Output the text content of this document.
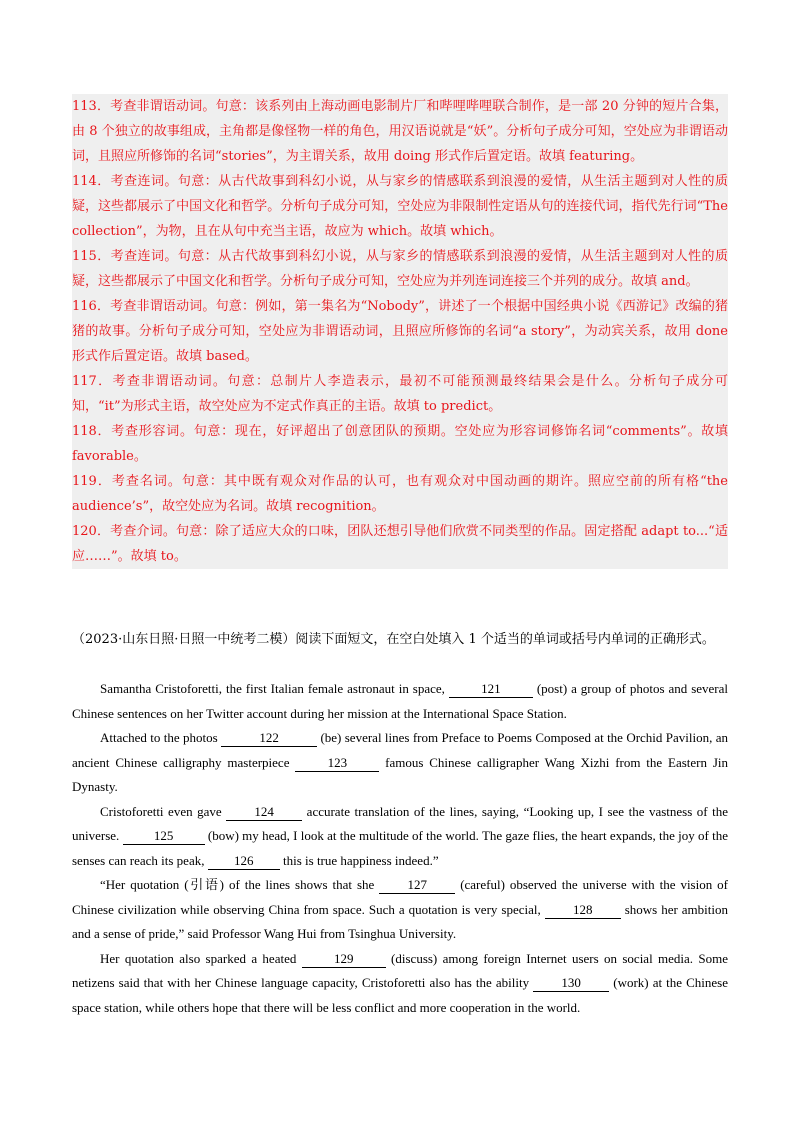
113．考查非谓语动词。句意：该系列由上海动画电影制片厂和哔哩哔哩联合制作，是一部 20 分钟的短片合集，由 8 个独立的故事组成，主角都是像怪物一样的角色，用汉语说就是“妖”。分析句子成分可知，空处应为非谓语动词，且照应所修饰的名词“stories”，为主谓关系，故用 doing 形式作后置定语。故填 featuring。

114．考查连词。句意：从古代故事到科幻小说，从与家乡的情感联系到浪漫的爱情，从生活主题到对人性的质疑，这些都展示了中国文化和哲学。分析句子成分可知，空处应为非限制性定语从句的连接代词，指代先行词“The collection”，为物，且在从句中充当主语，故应为 which。故填 which。

115．考查连词。句意：从古代故事到科幻小说，从与家乡的情感联系到浪漫的爱情，从生活主题到对人性的质疑，这些都展示了中国文化和哲学。分析句子成分可知，空处应为并列连词连接三个并列的成分。故填 and。

116．考查非谓语动词。句意：例如，第一集名为“Nobody”，讲述了一个根据中国经典小说《西游记》改编的猪猪的故事。分析句子成分可知，空处应为非谓语动词，且照应所修饰的名词“a story”，为动宾关系，故用 done 形式作后置定语。故填 based。

117．考查非谓语动词。句意：总制片人李造表示，最初不可能预测最终结果会是什么。分析句子成分可知，“it”为形式主语，故空处应为不定式作真正的主语。故填 to predict。

118．考查形容词。句意：现在，好评超出了创意团队的预期。空处应为形容词修饰名词“comments”。故填 favorable。

119．考查名词。句意：其中既有观众对作品的认可，也有观众对中国动画的期许。照应空前的所有格“the audience’s”，故空处应为名词。故填 recognition。

120．考查介词。句意：除了适应大众的口味，团队还想引导他们欣赏不同类型的作品。固定搭配 adapt to...“适应……”。故填 to。

（2023·山东日照·日照一中统考二模）阅读下面短文，在空白处填入 1 个适当的单词或括号内单词的正确形式。

Samantha Cristoforetti, the first Italian female astronaut in space,	121	(post) a group of photos and several Chinese sentences on her Twitter account during her mission at the International Space Station.

Attached to the photos	122	(be) several lines from Preface to Poems Composed at the Orchid Pavilion, an ancient Chinese calligraphy masterpiece	123	famous Chinese calligrapher Wang Xizhi from the Eastern Jin Dynasty.

Cristoforetti even gave	124	accurate translation of the lines, saying, “Looking up, I see the vastness of the universe.	125	(bow) my head, I look at the multitude of the world. The gaze flies, the heart expands, the joy of the senses can reach its peak, 126 this is true happiness indeed.”

“Her quotation (引语) of the lines shows that she	127	(careful) observed the universe with the vision of Chinese civilization while observing China from space. Such a quotation is very special, 128 shows her ambition and a sense of pride,” said Professor Wang Hui from Tsinghua University.

Her quotation also sparked a heated	129	(discuss) among foreign Internet users on social media. Some netizens said that with her Chinese language capacity, Cristoforetti also has the ability 130 (work) at the Chinese space station, while others hope that there will be less conflict and more cooperation in the world.
